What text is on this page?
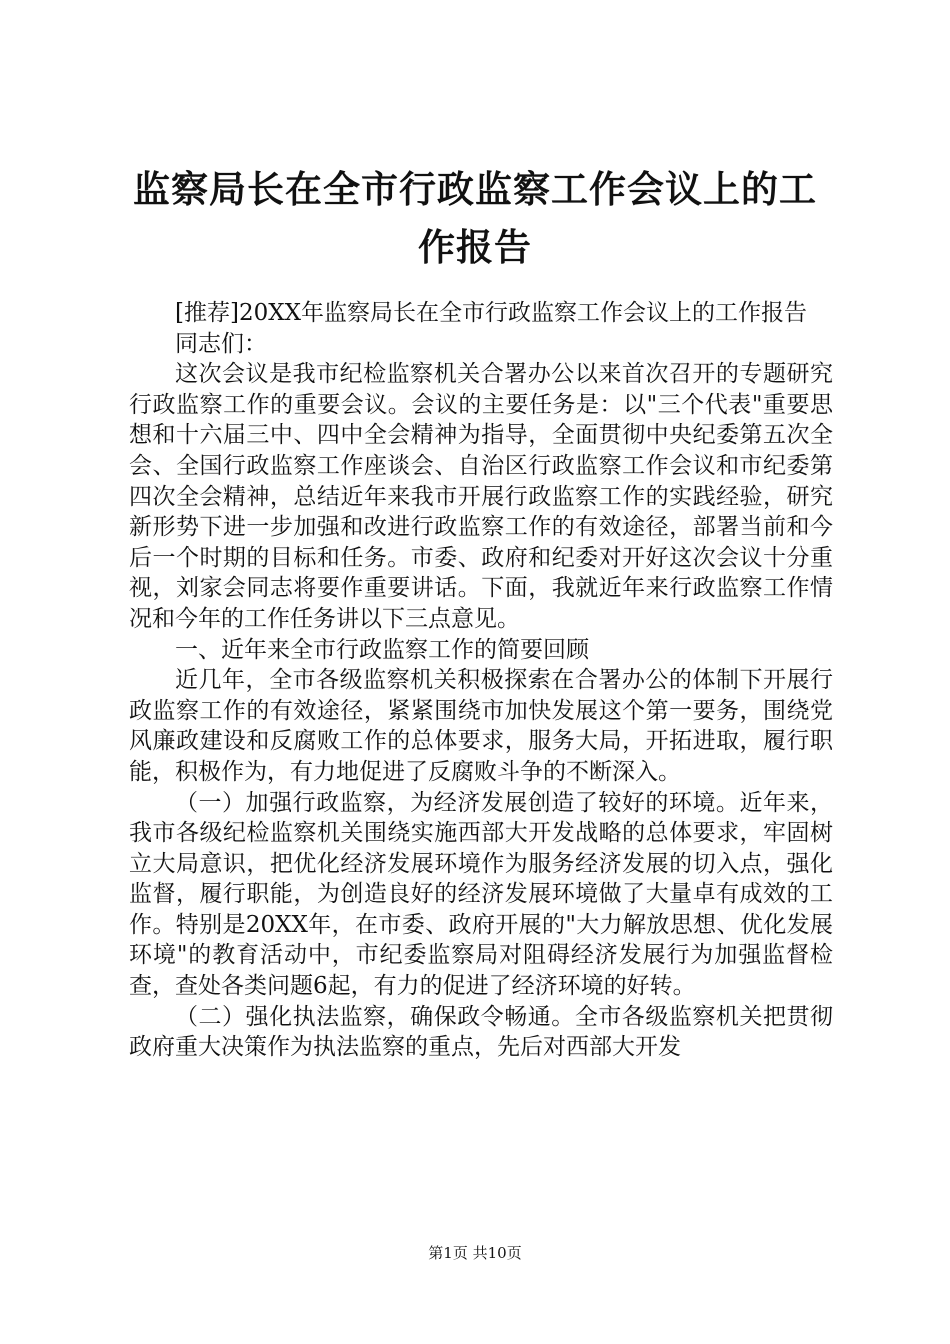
监察局长在全市行政监察工作会议上的工作报告

[推荐]20XX年监察局长在全市行政监察工作会议上的工作报告

同志们：

这次会议是我市纪检监察机关合署办公以来首次召开的专题研究行政监察工作的重要会议。会议的主要任务是：以"三个代表"重要思想和十六届三中、四中全会精神为指导，全面贯彻中央纪委第五次全会、全国行政监察工作座谈会、自治区行政监察工作会议和市纪委第四次全会精神，总结近年来我市开展行政监察工作的实践经验，研究新形势下进一步加强和改进行政监察工作的有效途径，部署当前和今后一个时期的目标和任务。市委、政府和纪委对开好这次会议十分重视，刘家会同志将要作重要讲话。下面，我就近年来行政监察工作情况和今年的工作任务讲以下三点意见。

一、近年来全市行政监察工作的简要回顾

近几年，全市各级监察机关积极探索在合署办公的体制下开展行政监察工作的有效途径，紧紧围绕市加快发展这个第一要务，围绕党风廉政建设和反腐败工作的总体要求，服务大局，开拓进取，履行职能，积极作为，有力地促进了反腐败斗争的不断深入。

（一）加强行政监察，为经济发展创造了较好的环境。近年来，我市各级纪检监察机关围绕实施西部大开发战略的总体要求，牢固树立大局意识，把优化经济发展环境作为服务经济发展的切入点，强化监督，履行职能，为创造良好的经济发展环境做了大量卓有成效的工作。特别是20XX年，在市委、政府开展的"大力解放思想、优化发展环境"的教育活动中，市纪委监察局对阻碍经济发展行为加强监督检查，查处各类问题6起，有力的促进了经济环境的好转。

（二）强化执法监察，确保政令畅通。全市各级监察机关把贯彻政府重大决策作为执法监察的重点，先后对西部大开发

第1页 共10页
